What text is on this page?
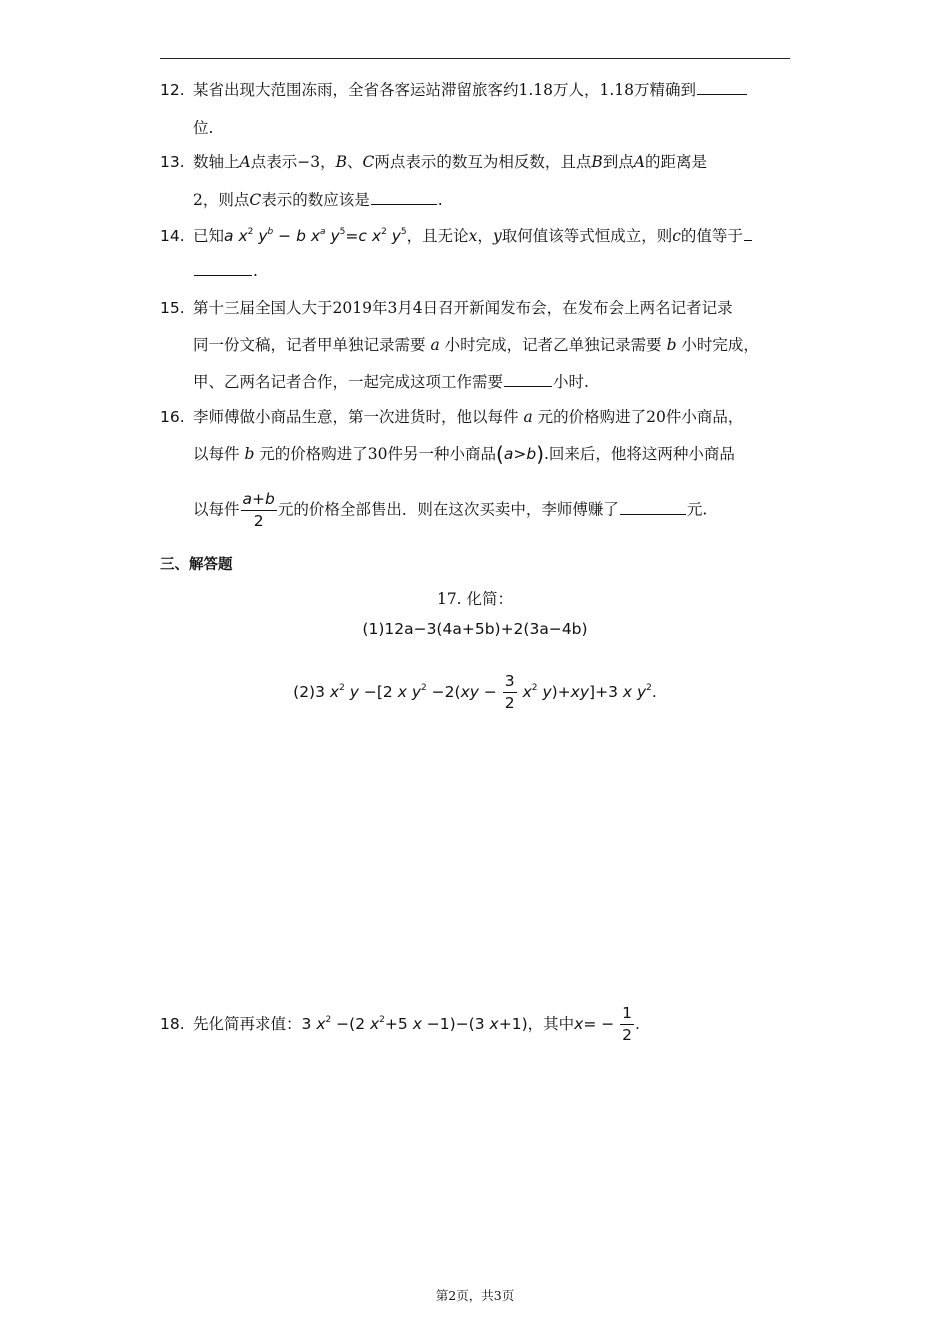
12. 某省出现大范围冻雨，全省各客运站滞留旅客约1.18万人，1.18万精确到
位.
13. 数轴上A点表示−3，B、C两点表示的数互为相反数，且点B到点A的距离是
2，则点C表示的数应该是	.
14. 已知a $x^2$ $y^b - b$ $x^a$ $y^5=c$ $x^2$ $y^5$，且无论x，y取何值该等式恒成立，则c的值等于
.
15. 第十三届全国人大于2019年3月4日召开新闻发布会，在发布会上两名记者记录
同一份文稿，记者甲单独记录需要 a 小时完成，记者乙单独记录需要 b 小时完成，
甲、乙两名记者合作，一起完成这项工作需要	小时.
16. 李师傅做小商品生意，第一次进货时，他以每件 a 元的价格购进了20件小商品，
以每件 b 元的价格购进了30件另一种小商品(a>b).回来后，他将这两种小商品
以每件 $\frac{a+b}{2}$ 元的价格全部售出．则在这次买卖中，李师傅赚了	元.
三、解答题
17. 化简：
(1)12a−3(4a+5b)+2(3a−4b)
(2)3 $x^2$ y −[2 x $y^2 -2(xy - \frac{3}{2} x^2$ y)+xy]+3 x $y^2$.
18. 先化简再求值：3 $x^2 -(2$ $x^2+5$ x −1)−(3 x+1)，其中$x= - \frac{1}{2}$ .
第2页，共3页
